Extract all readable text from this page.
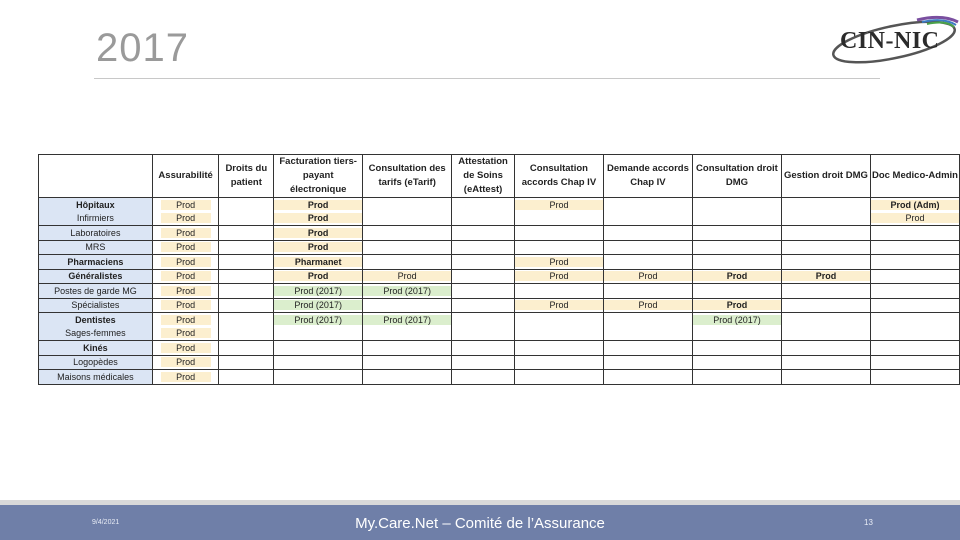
2017	CIN-NIC
	Assurabilité	Droits du patient	Facturation tiers-payant électronique	Consultation des tarifs (eTarif)	Attestation de Soins (eAttest)	Consultation accords Chap IV	Demande accords Chap IV	Consultation droit DMG	Gestion droit DMG	Doc Medico-Admin
Hôpitaux	Prod		Prod			Prod				Prod (Adm)

Infirmiers	Prod		Prod							Prod

Laboratoires	Prod		Prod							

MRS	Prod		Prod							

Pharmaciens	Prod		Pharmanet			Prod				

Généralistes	Prod		Prod	Prod		Prod	Prod	Prod	Prod	

Postes de garde MG	Prod		Prod (2017)	Prod (2017)						

Spécialistes	Prod		Prod (2017)			Prod	Prod	Prod		

Dentistes	Prod		Prod (2017)	Prod (2017)				Prod (2017)		

Sages-femmes	Prod									

Kinés	Prod									

Logopèdes	Prod									

Maisons médicales	Prod									

9/4/2021	My.Care.Net – Comité de l’Assurance	13
